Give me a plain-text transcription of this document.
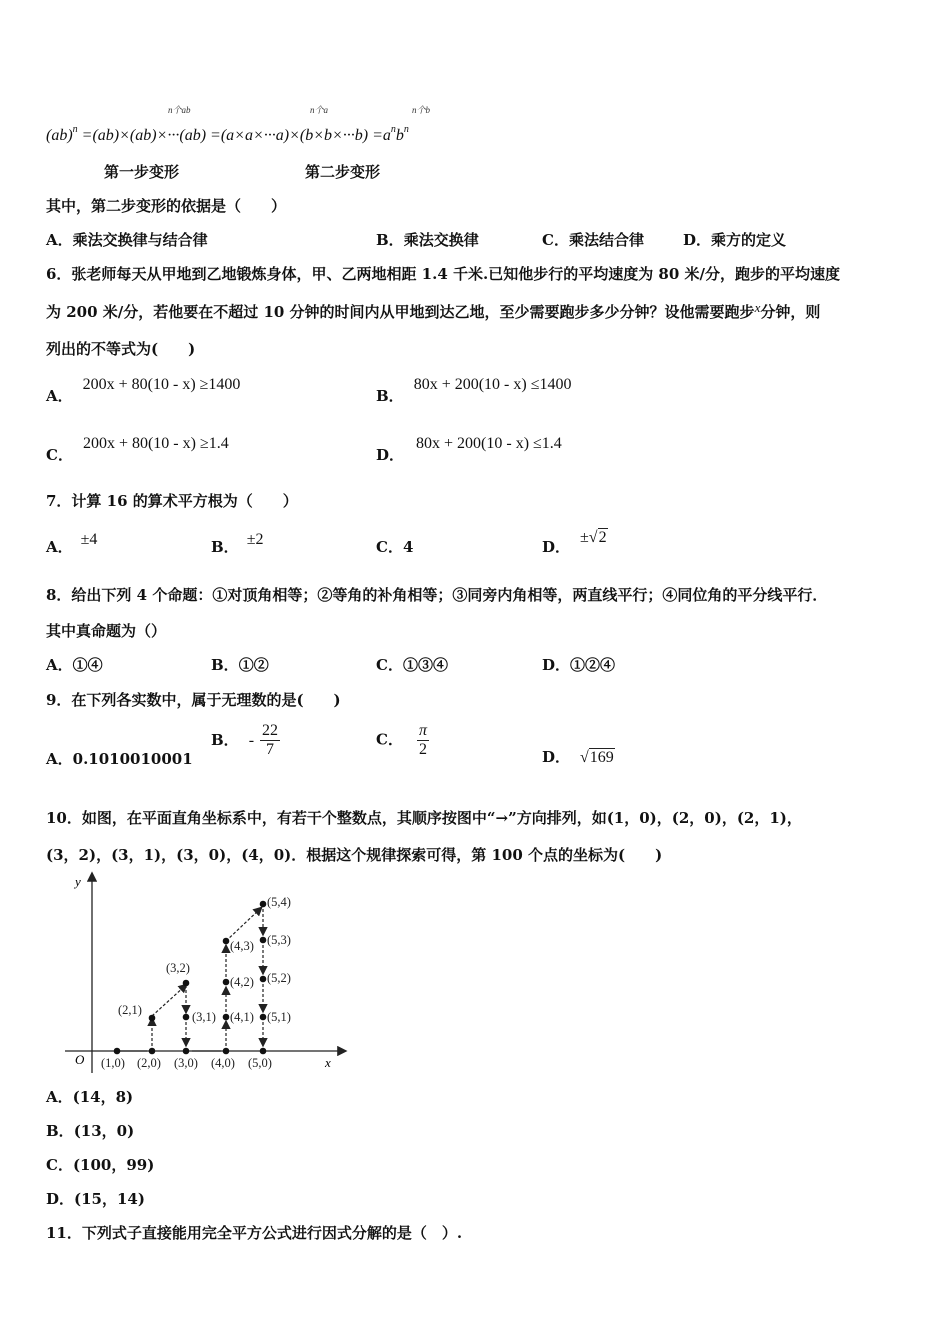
n个ab	n个a	n个b
$(ab)^n =(ab)\times(ab)\times\cdot\cdot\cdot(ab) =(a\times a\times\cdot\cdot\cdot a)\times(b\times b\times\cdot\cdot\cdot b) =a^nb^n$
第一步变形	第二步变形
其中，第二步变形的依据是（　　）
A．乘法交换律与结合律	B．乘法交换律	C．乘法结合律	D．乘方的定义
6．张老师每天从甲地到乙地锻炼身体，甲、乙两地相距 1.4 千米.已知他步行的平均速度为 80 米/分，跑步的平均速度
为 200 米/分，若他要在不超过 10 分钟的时间内从甲地到达乙地，至少需要跑步多少分钟？设他需要跑步x分钟，则
列出的不等式为(　　)
A．200x + 80(10 - x) ≥1400
B．80x + 200(10 - x) ≤1400
C．200x + 80(10 - x) ≥1.4
D．80x + 200(10 - x) ≤1.4
7．计算 16 的算术平方根为（　　）
A． ±4	B． ±2	C．4	D．±√2
8．给出下列 4 个命题：①对顶角相等；②等角的补角相等；③同旁内角相等，两直线平行；④同位角的平分线平行．
其中真命题为（）
A．①④	B．①②	C．①③④	D．①②④
9．在下列各实数中，属于无理数的是(　　)
A．0.1010010001
B． - $\frac{22}{7}$	C． $\frac{\pi}{2}$	D． √169
10．如图，在平面直角坐标系中，有若干个整数点，其顺序按图中“→”方向排列，如(1，0)，(2，0)，(2，1)，
(3，2)，(3，1)，(3，0)，(4，0)．根据这个规律探索可得，第 100 个点的坐标为(　　)
x
y
O (1,0) (2,0) (3,0) (4,0) (5,0)
(2,1)
(3,2)
(3,1) (4,1)
(4,2)
(4,3)
(5,4)
(5,3)
(5,2)
(5,1)
A．(14，8)
B．(13，0)
C．(100，99)
D．(15，14)
11．下列式子直接能用完全平方公式进行因式分解的是（　）.
